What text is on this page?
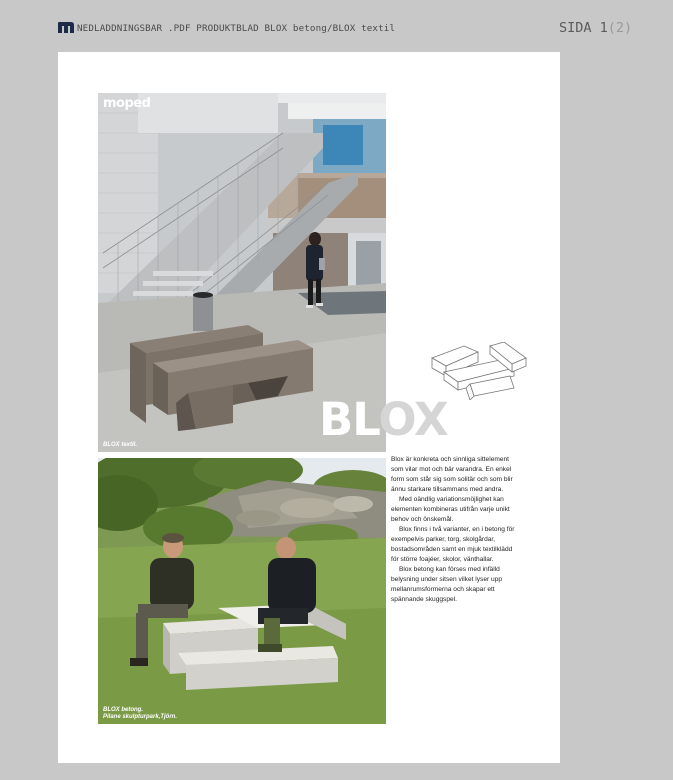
NEDLADDNINGSBAR .PDF PRODUKTBLAD BLOX betong/BLOX textil	SIDA 1(2)
moped
BLOX textil.	BLOX
BLOX betong.
Pilane skulpturpark,Tjörn.

Blox är konkreta och sinnliga sittelement som vilar mot och bär varandra. En enkel form som står sig som solitär och som blir ännu starkare tillsammans med andra.

Med oändlig variationsmöjlighet kan elementen kombineras utifrån varje unikt behov och önskemål.

Blox finns i två varianter, en i betong för exempelvis parker, torg, skolgårdar, bostadsområden samt en mjuk textilklädd för större foajéer, skolor, vänthallar.

Blox betong kan förses med infälld belysning under sitsen vilket lyser upp mellanrumsformerna och skapar ett spännande skuggspel.
